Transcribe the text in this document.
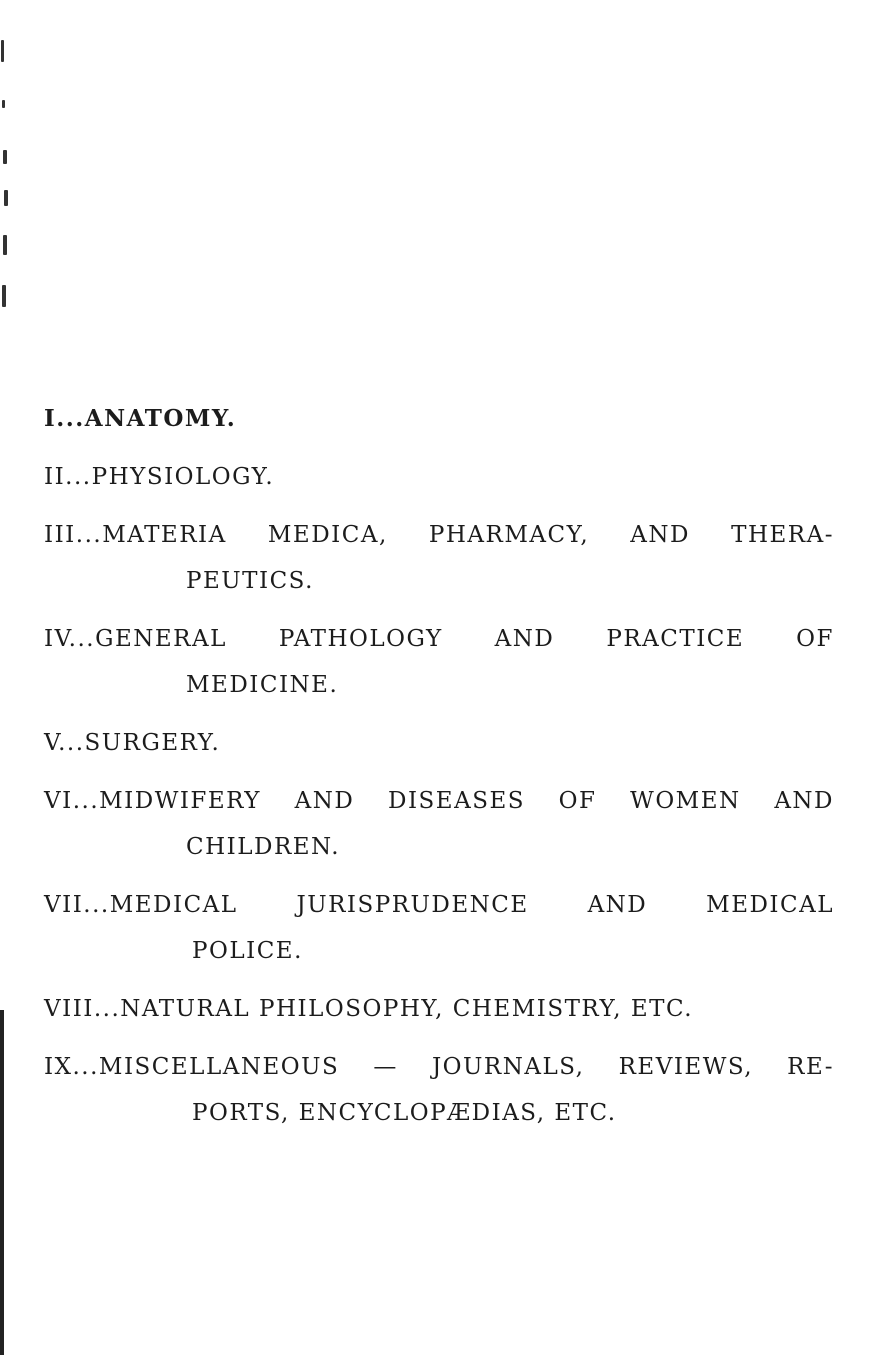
I...ANATOMY.
II...PHYSIOLOGY.
III...MATERIA MEDICA, PHARMACY, AND THERA-
PEUTICS.
IV...GENERAL PATHOLOGY AND PRACTICE OF
MEDICINE.
V...SURGERY.
VI...MIDWIFERY AND DISEASES OF WOMEN AND
CHILDREN.
VII...MEDICAL JURISPRUDENCE AND MEDICAL
POLICE.
VIII...NATURAL PHILOSOPHY, CHEMISTRY, ETC.
IX...MISCELLANEOUS — JOURNALS, REVIEWS, RE-
PORTS, ENCYCLOPÆDIAS, ETC.
